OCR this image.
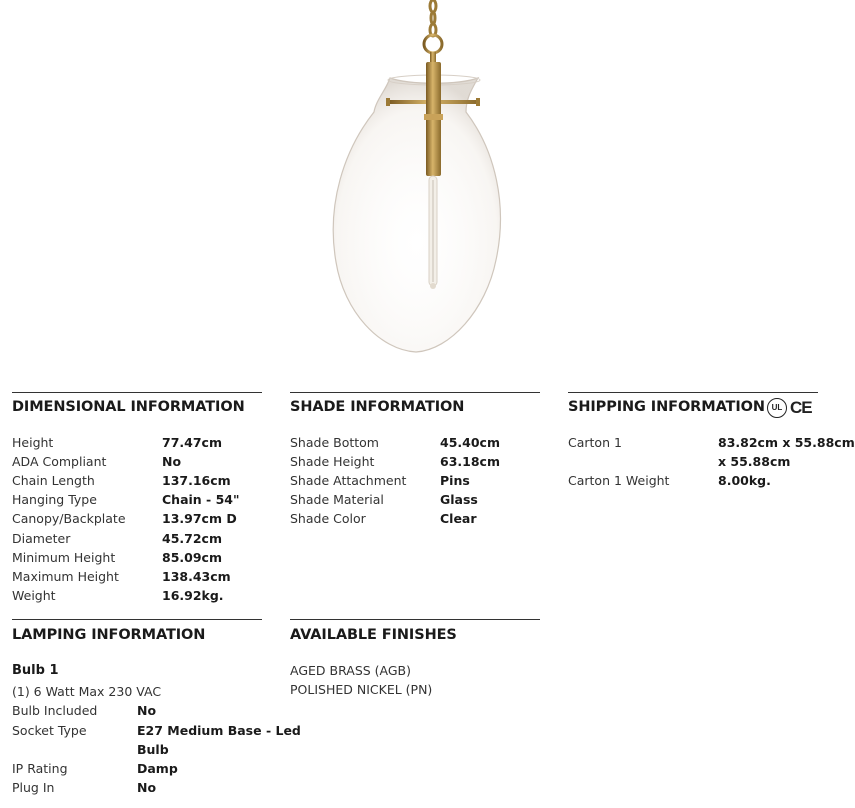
DIMENSIONAL INFORMATION
Height	77.47cm
ADA Compliant	No
Chain Length	137.16cm
Hanging Type	Chain - 54"
Canopy/Backplate	13.97cm D
Diameter	45.72cm
Minimum Height	85.09cm
Maximum Height	138.43cm
Weight	16.92kg.
SHADE INFORMATION
Shade Bottom	45.40cm
Shade Height	63.18cm
Shade Attachment	Pins
Shade Material	Glass
Shade Color	Clear
SHIPPING INFORMATION UL CE
Carton 1	83.82cm x 55.88cm
x 55.88cm
Carton 1 Weight	8.00kg.
LAMPING INFORMATION
Bulb 1
(1) 6 Watt Max 230 VAC
Bulb Included	No
Socket Type	E27 Medium Base - Led
Bulb
IP Rating	Damp
Plug In	No
AVAILABLE FINISHES
AGED BRASS (AGB)
POLISHED NICKEL (PN)
